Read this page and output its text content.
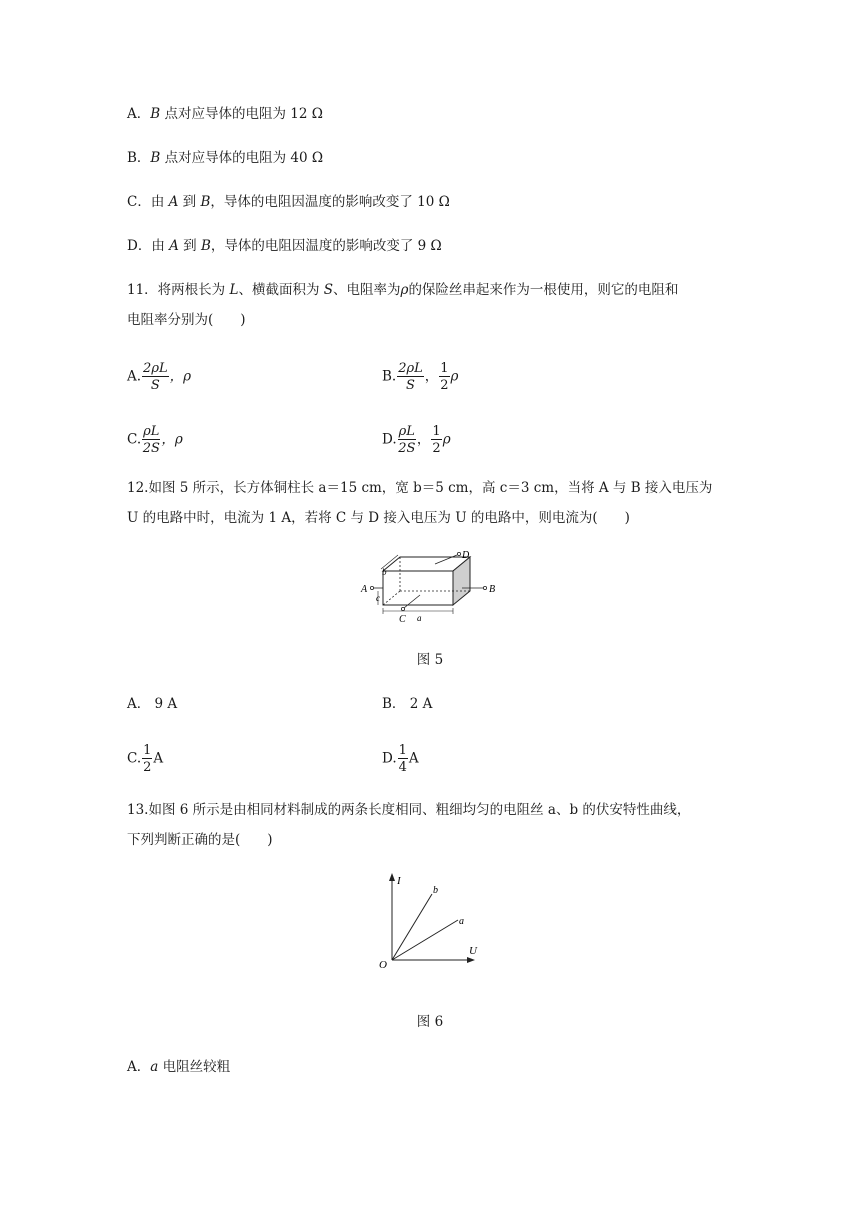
A．B 点对应导体的电阻为 12 Ω
B．B 点对应导体的电阻为 40 Ω
C．由 A 到 B，导体的电阻因温度的影响改变了 10 Ω
D．由 A 到 B，导体的电阻因温度的影响改变了 9 Ω
11．将两根长为 L、横截面积为 S、电阻率为ρ的保险丝串起来作为一根使用，则它的电阻和
电阻率分别为(　　)
A. $\frac{2\rho L}{S}$ ，ρ	B. $\frac{2\rho L}{S}$ ， $\frac{1}{2}$ ρ
C. $\frac{\rho L}{2S}$ ，ρ	D. $\frac{\rho L}{2S}$ ， $\frac{1}{2}$ ρ
12.如图 5 所示，长方体铜柱长 a＝15 cm，宽 b＝5 cm，高 c＝3 cm，当将 A 与 B 接入电压为
U 的电路中时，电流为 1 A，若将 C 与 D 接入电压为 U 的电路中，则电流为(　　)
A	B
D
C a
b
c
图 5
A． 9 A	B． 2 A
C. $\frac{1}{2}$ A	D. $\frac{1}{4}$ A
13.如图 6 所示是由相同材料制成的两条长度相同、粗细均匀的电阻丝 a、b 的伏安特性曲线，
下列判断正确的是(　　)
I
U
O
b
a
图 6
A．a 电阻丝较粗
